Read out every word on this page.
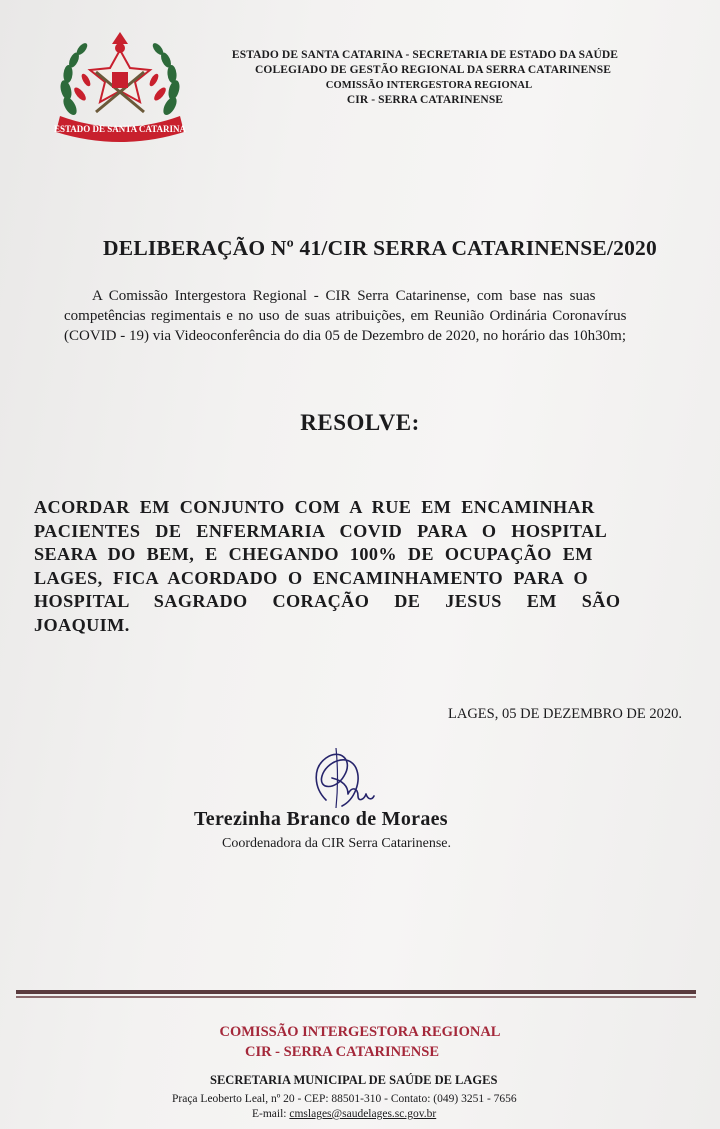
ESTADO DE SANTA CATARINA
ESTADO DE SANTA CATARINA - SECRETARIA DE ESTADO DA SAÚDE
COLEGIADO DE GESTÃO REGIONAL DA SERRA CATARINENSE
COMISSÃO INTERGESTORA REGIONAL
CIR - SERRA CATARINENSE
DELIBERAÇÃO Nº 41/CIR SERRA CATARINENSE/2020
A Comissão Intergestora Regional - CIR Serra Catarinense, com base nas suas
competências regimentais e no uso de suas atribuições, em Reunião Ordinária Coronavírus
(COVID - 19) via Videoconferência do dia 05 de Dezembro de 2020, no horário das 10h30m;
RESOLVE:
ACORDAR EM CONJUNTO COM A RUE EM ENCAMINHAR
PACIENTES DE ENFERMARIA COVID PARA O HOSPITAL
SEARA DO BEM, E CHEGANDO 100% DE OCUPAÇÃO EM
LAGES, FICA ACORDADO O ENCAMINHAMENTO PARA O
HOSPITAL SAGRADO CORAÇÃO DE JESUS EM SÃO
JOAQUIM.
LAGES, 05 DE DEZEMBRO DE 2020.
Terezinha Branco de Moraes
Coordenadora da CIR Serra Catarinense.
COMISSÃO INTERGESTORA REGIONAL
CIR - SERRA CATARINENSE
SECRETARIA MUNICIPAL DE SAÚDE DE LAGES
Praça Leoberto Leal, nº 20 - CEP: 88501-310 - Contato: (049) 3251 - 7656
E-mail: cmslages@saudelages.sc.gov.br
